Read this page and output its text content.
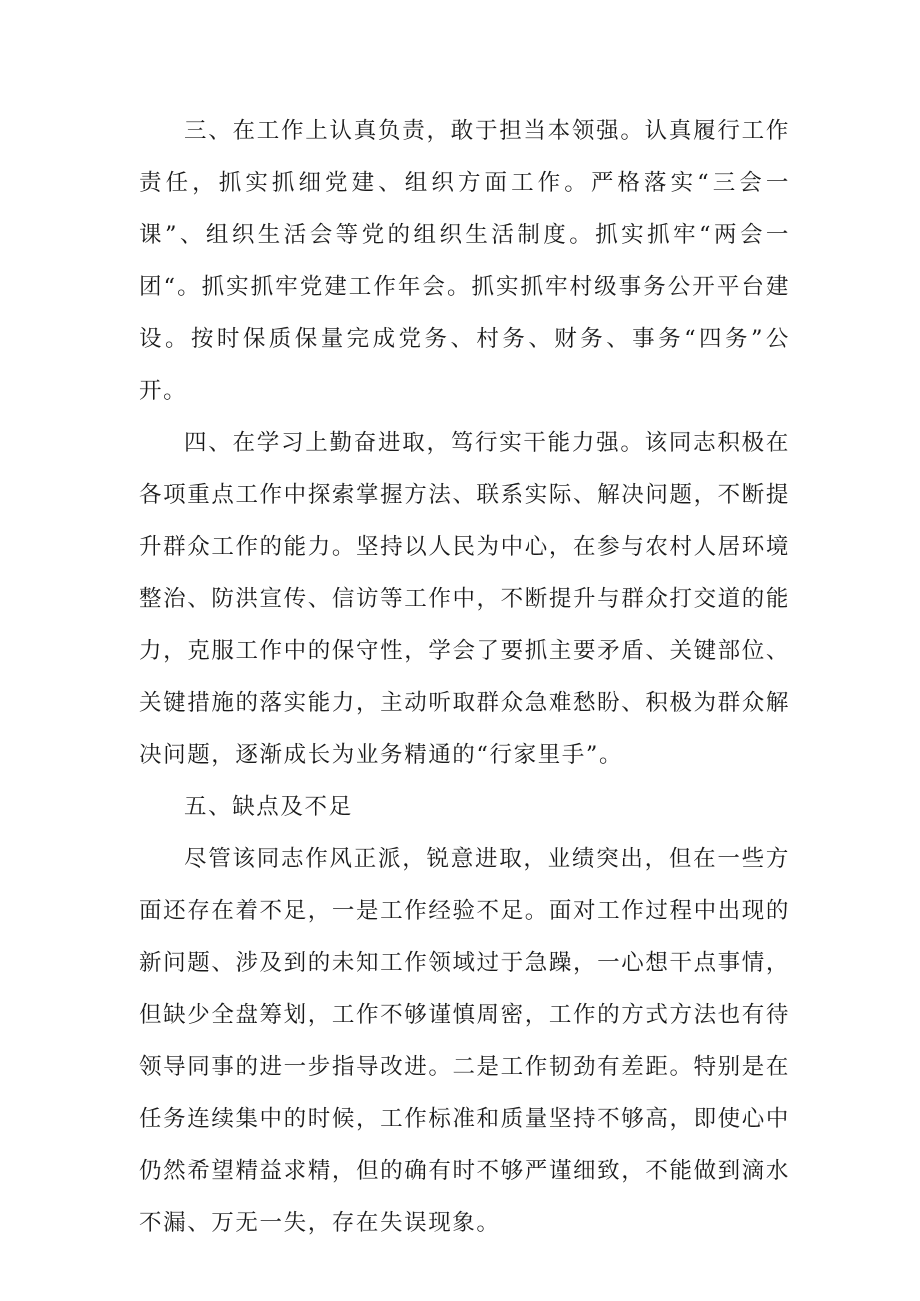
三、在工作上认真负责，敢于担当本领强。认真履行工作责任，抓实抓细党建、组织方面工作。严格落实“三会一课”、组织生活会等党的组织生活制度。抓实抓牢“两会一团“。抓实抓牢党建工作年会。抓实抓牢村级事务公开平台建设。按时保质保量完成党务、村务、财务、事务“四务”公开。

四、在学习上勤奋进取，笃行实干能力强。该同志积极在各项重点工作中探索掌握方法、联系实际、解决问题，不断提升群众工作的能力。坚持以人民为中心，在参与农村人居环境整治、防洪宣传、信访等工作中，不断提升与群众打交道的能力，克服工作中的保守性，学会了要抓主要矛盾、关键部位、关键措施的落实能力，主动听取群众急难愁盼、积极为群众解决问题，逐渐成长为业务精通的“行家里手”。

五、缺点及不足

尽管该同志作风正派，锐意进取，业绩突出，但在一些方面还存在着不足，一是工作经验不足。面对工作过程中出现的新问题、涉及到的未知工作领域过于急躁，一心想干点事情，但缺少全盘筹划，工作不够谨慎周密，工作的方式方法也有待领导同事的进一步指导改进。二是工作韧劲有差距。特别是在任务连续集中的时候，工作标准和质量坚持不够高，即使心中仍然希望精益求精，但的确有时不够严谨细致，不能做到滴水不漏、万无一失，存在失误现象。
